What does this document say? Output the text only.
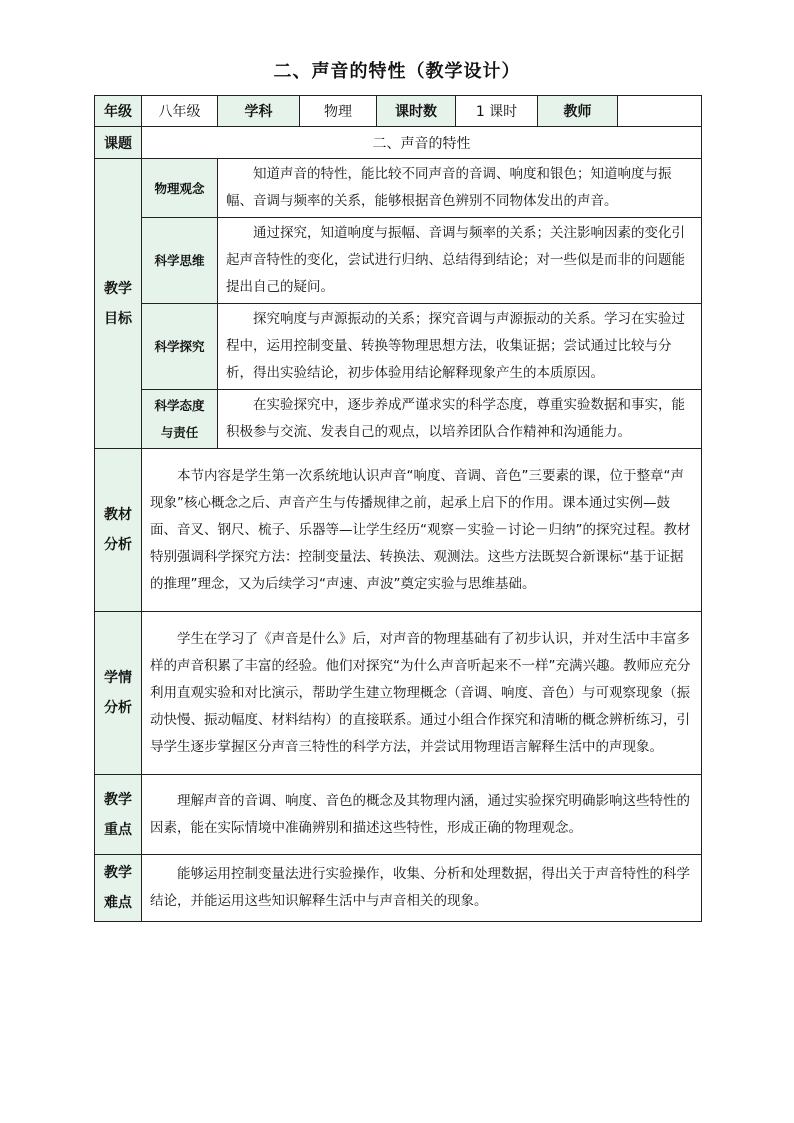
二、声音的特性（教学设计）
年级	八年级	学科	物理	课时数	1 课时	教师	
课题	二、声音的特性						

教学
目标	物理观念	知道声音的特性，能比较不同声音的音调、响度和银色；知道响度与振幅、音调与频率的关系，能够根据音色辨别不同物体发出的声音。					

	科学思维	通过探究，知道响度与振幅、音调与频率的关系；关注影响因素的变化引起声音特性的变化，尝试进行归纳、总结得到结论；对一些似是而非的问题能提出自己的疑问。					

	科学探究	探究响度与声源振动的关系；探究音调与声源振动的关系。学习在实验过程中，运用控制变量、转换等物理思想方法，收集证据；尝试通过比较与分析，得出实验结论，初步体验用结论解释现象产生的本质原因。					

	科学态度
与责任	在实验探究中，逐步养成严谨求实的科学态度，尊重实验数据和事实，能积极参与交流、发表自己的观点，以培养团队合作精神和沟通能力。					

教材
分析	本节内容是学生第一次系统地认识声音“响度、音调、音色”三要素的课，位于整章“声现象”核心概念之后、声音产生与传播规律之前，起承上启下的作用。课本通过实例—鼓面、音叉、钢尺、梳子、乐器等—让学生经历“观察－实验－讨论－归纳”的探究过程。教材特别强调科学探究方法：控制变量法、转换法、观测法。这些方法既契合新课标“基于证据的推理”理念，又为后续学习“声速、声波”奠定实验与思维基础。						

学情
分析	学生在学习了《声音是什么》后，对声音的物理基础有了初步认识，并对生活中丰富多样的声音积累了丰富的经验。他们对探究“为什么声音听起来不一样”充满兴趣。教师应充分利用直观实验和对比演示，帮助学生建立物理概念（音调、响度、音色）与可观察现象（振动快慢、振动幅度、材料结构）的直接联系。通过小组合作探究和清晰的概念辨析练习，引导学生逐步掌握区分声音三特性的科学方法，并尝试用物理语言解释生活中的声现象。						

教学
重点	理解声音的音调、响度、音色的概念及其物理内涵，通过实验探究明确影响这些特性的因素，能在实际情境中准确辨别和描述这些特性，形成正确的物理观念。						

教学
难点	能够运用控制变量法进行实验操作，收集、分析和处理数据，得出关于声音特性的科学结论，并能运用这些知识解释生活中与声音相关的现象。						
